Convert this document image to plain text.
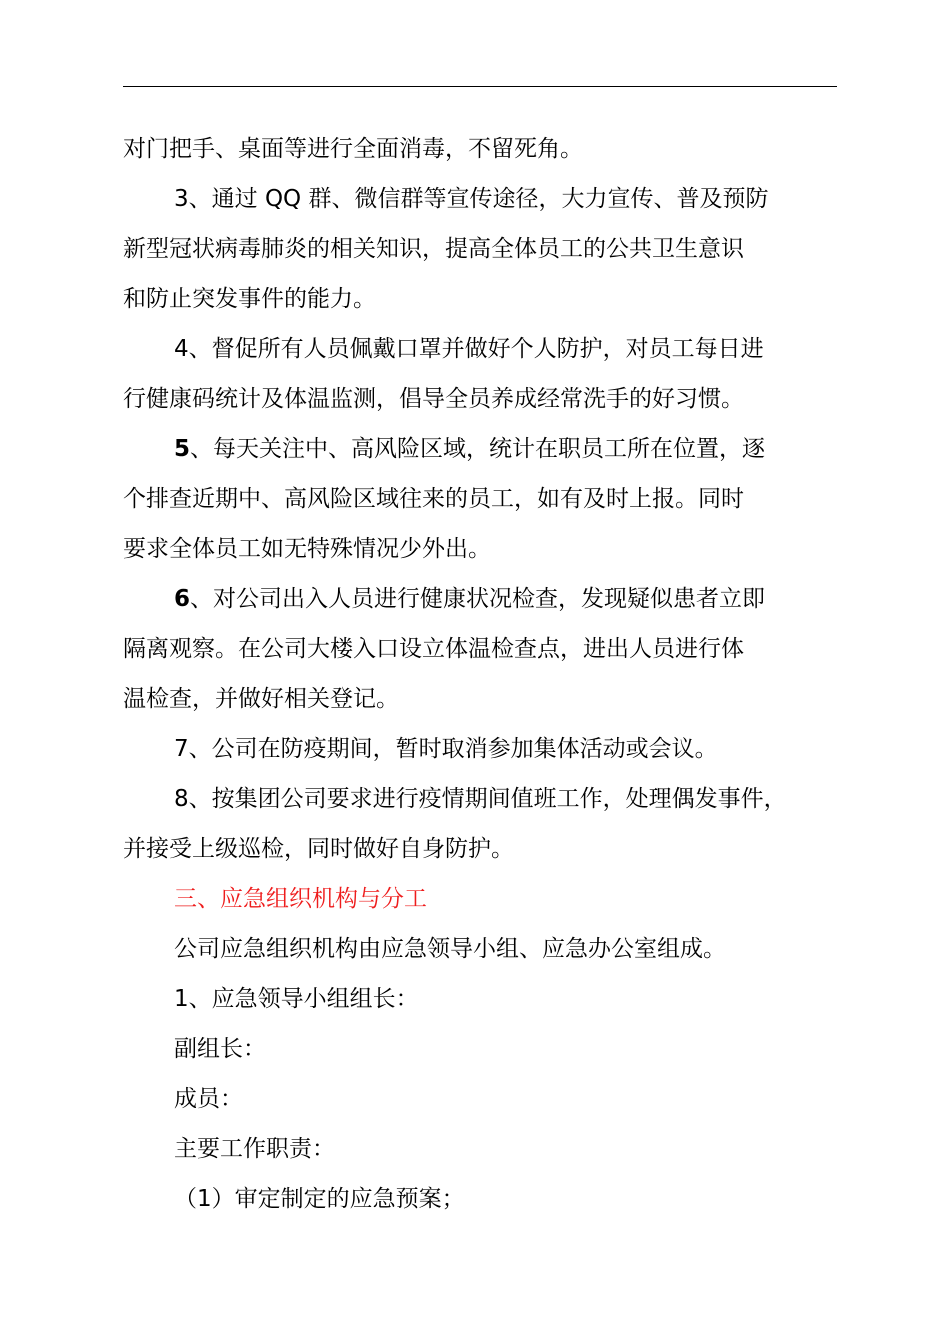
对门把手、桌面等进行全面消毒，不留死角。
3、通过 QQ 群、微信群等宣传途径，大力宣传、普及预防
新型冠状病毒肺炎的相关知识，提高全体员工的公共卫生意识
和防止突发事件的能力。
4、督促所有人员佩戴口罩并做好个人防护，对员工每日进
行健康码统计及体温监测，倡导全员养成经常洗手的好习惯。
5、每天关注中、高风险区域，统计在职员工所在位置，逐
个排查近期中、高风险区域往来的员工，如有及时上报。同时
要求全体员工如无特殊情况少外出。
6、对公司出入人员进行健康状况检查，发现疑似患者立即
隔离观察。在公司大楼入口设立体温检查点，进出人员进行体
温检查，并做好相关登记。
7、公司在防疫期间，暂时取消参加集体活动或会议。
8、按集团公司要求进行疫情期间值班工作，处理偶发事件，
并接受上级巡检，同时做好自身防护。
三、应急组织机构与分工
公司应急组织机构由应急领导小组、应急办公室组成。
1、应急领导小组组长：
副组长：
成员：
主要工作职责：
（1）审定制定的应急预案；
